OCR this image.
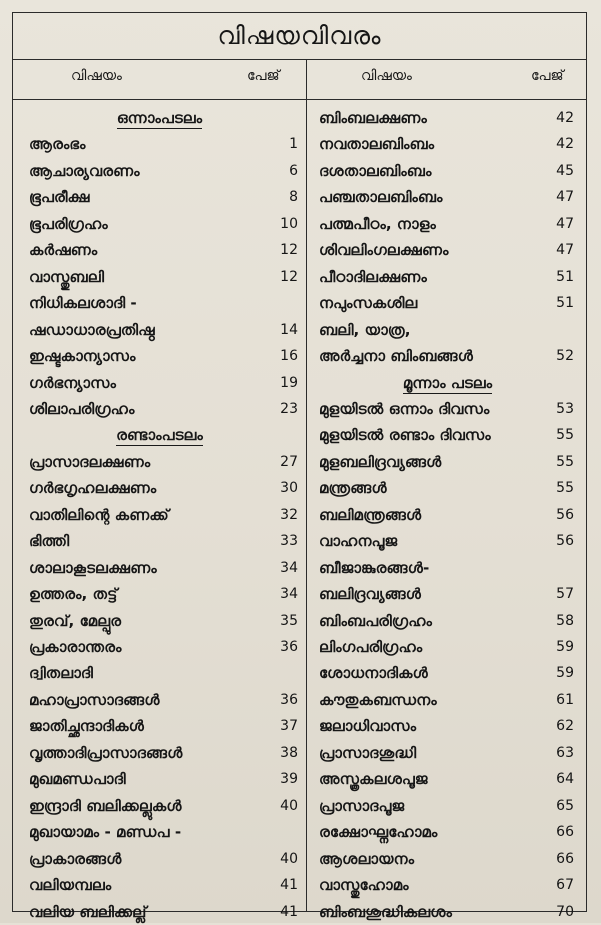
വിഷയവിവരം
വിഷയം	പേജ്	വിഷയം	പേജ്
ഒന്നാംപടലം
ആരംഭം	1
ആചാര്യവരണം	6
ഭൂപരീക്ഷ	8
ഭൂപരിഗ്രഹം	10
കർഷണം	12
വാസ്തുബലി	12
നിധികലശാദി -
ഷഡാധാരപ്രതിഷ്ഠ	14
ഇഷ്ടകാന്യാസം	16
ഗർഭന്യാസം	19
ശിലാപരിഗ്രഹം	23
രണ്ടാംപടലം
പ്രാസാദലക്ഷണം	27
ഗർഭഗൃഹലക്ഷണം	30
വാതിലിന്റെ കണക്ക്	32
ഭിത്തി	33
ശാലാകൂടലക്ഷണം	34
ഉത്തരം, തട്ട്	34
തുരവ്, മേല്പുര	35
പ്രകാരാന്തരം	36
ദ്വിതലാദി
മഹാപ്രാസാദങ്ങൾ	36
ജാതിച്ഛന്ദാദികൾ	37
വൃത്താദിപ്രാസാദങ്ങൾ	38
മുഖമണ്ഡപാദി	39
ഇന്ദ്രാദി ബലിക്കല്ലുകൾ	40
മുഖായാമം - മണ്ഡപ -
പ്രാകാരങ്ങൾ	40
വലിയമ്പലം	41
വലിയ ബലിക്കല്ല്	41
ബിംബലക്ഷണം	42
നവതാലബിംബം	42
ദശതാലബിംബം	45
പഞ്ചതാലബിംബം	47
പത്മപീഠം, നാളം	47
ശിവലിംഗലക്ഷണം	47
പീഠാദിലക്ഷണം	51
നപുംസകശില	51
ബലി, യാത്ര,
അർച്ചനാ ബിംബങ്ങൾ	52
മൂന്നാം പടലം
മുളയിടൽ ഒന്നാം ദിവസം	53
മുളയിടൽ രണ്ടാം ദിവസം	55
മുളബലിദ്രവ്യങ്ങൾ	55
മന്ത്രങ്ങൾ	55
ബലിമന്ത്രങ്ങൾ	56
വാഹനപൂജ	56
ബീജാങ്കുരങ്ങൾ-
ബലിദ്രവ്യങ്ങൾ	57
ബിംബപരിഗ്രഹം	58
ലിംഗപരിഗ്രഹം	59
ശോധനാദികൾ	59
കൗതുകബന്ധനം	61
ജലാധിവാസം	62
പ്രാസാദശുദ്ധി	63
അസ്ത്രകലശപൂജ	64
പ്രാസാദപൂജ	65
രക്ഷോഘ്നഹോമം	66
ആശലായനം	66
വാസ്തുഹോമം	67
ബിംബശുദ്ധികലശം	70
